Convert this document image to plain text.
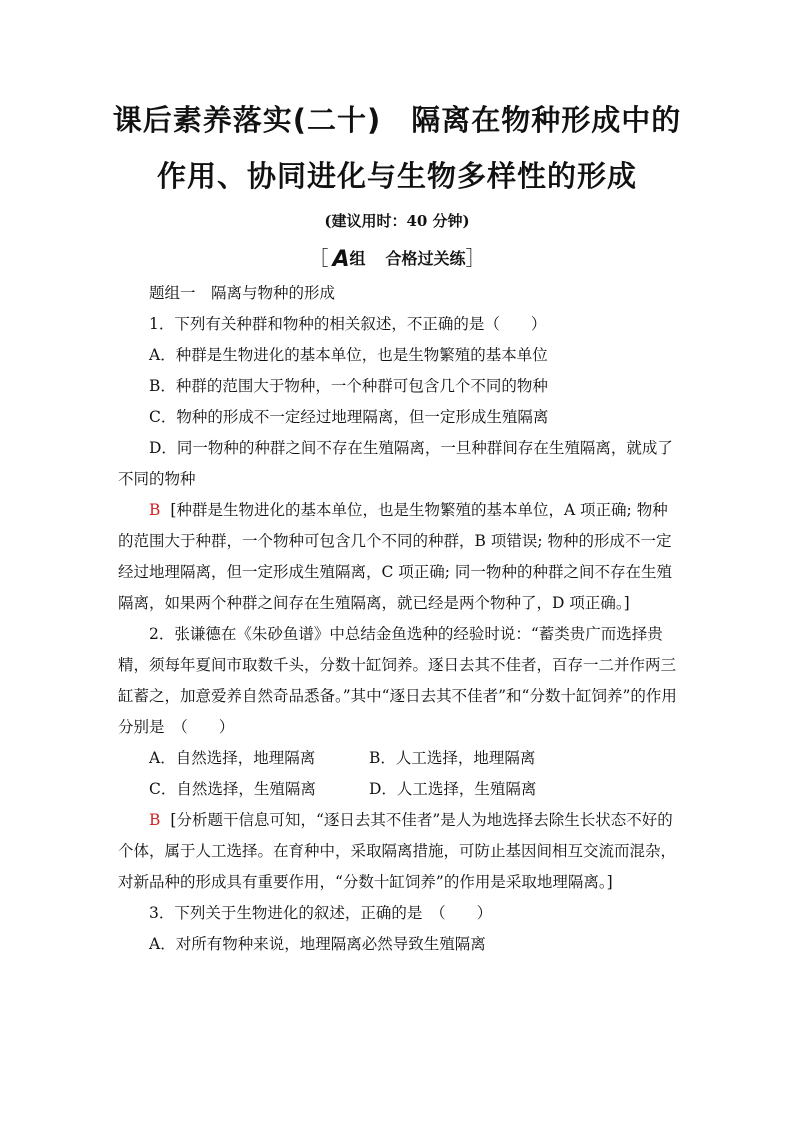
课后素养落实(二十)　隔离在物种形成中的
作用、协同进化与生物多样性的形成
(建议用时：40 分钟)
［ A组 合格过关练］

题组一　隔离与物种的形成

1．下列有关种群和物种的相关叙述，不正确的是（　　）

A．种群是生物进化的基本单位，也是生物繁殖的基本单位

B．种群的范围大于物种，一个种群可包含几个不同的物种

C．物种的形成不一定经过地理隔离，但一定形成生殖隔离

D．同一物种的种群之间不存在生殖隔离，一旦种群间存在生殖隔离，就成了不同的物种

B [种群是生物进化的基本单位，也是生物繁殖的基本单位，A 项正确; 物种的范围大于种群，一个物种可包含几个不同的种群，B 项错误; 物种的形成不一定经过地理隔离，但一定形成生殖隔离，C 项正确; 同一物种的种群之间不存在生殖隔离，如果两个种群之间存在生殖隔离，就已经是两个物种了，D 项正确。]

2．张谦德在《朱砂鱼谱》中总结金鱼选种的经验时说：“蓄类贵广而选择贵精，须每年夏间市取数千头，分数十缸饲养。逐日去其不佳者，百存一二并作两三缸蓄之，加意爱养自然奇品悉备。”其中“逐日去其不佳者”和“分数十缸饲养”的作用分别是　（　　）

A．自然选择，地理隔离	B．人工选择，地理隔离
C．自然选择，生殖隔离	D．人工选择，生殖隔离

B [分析题干信息可知，“逐日去其不佳者”是人为地选择去除生长状态不好的个体，属于人工选择。在育种中，采取隔离措施，可防止基因间相互交流而混杂，对新品种的形成具有重要作用，“分数十缸饲养”的作用是采取地理隔离。]

3．下列关于生物进化的叙述，正确的是　（　　）

A．对所有物种来说，地理隔离必然导致生殖隔离
